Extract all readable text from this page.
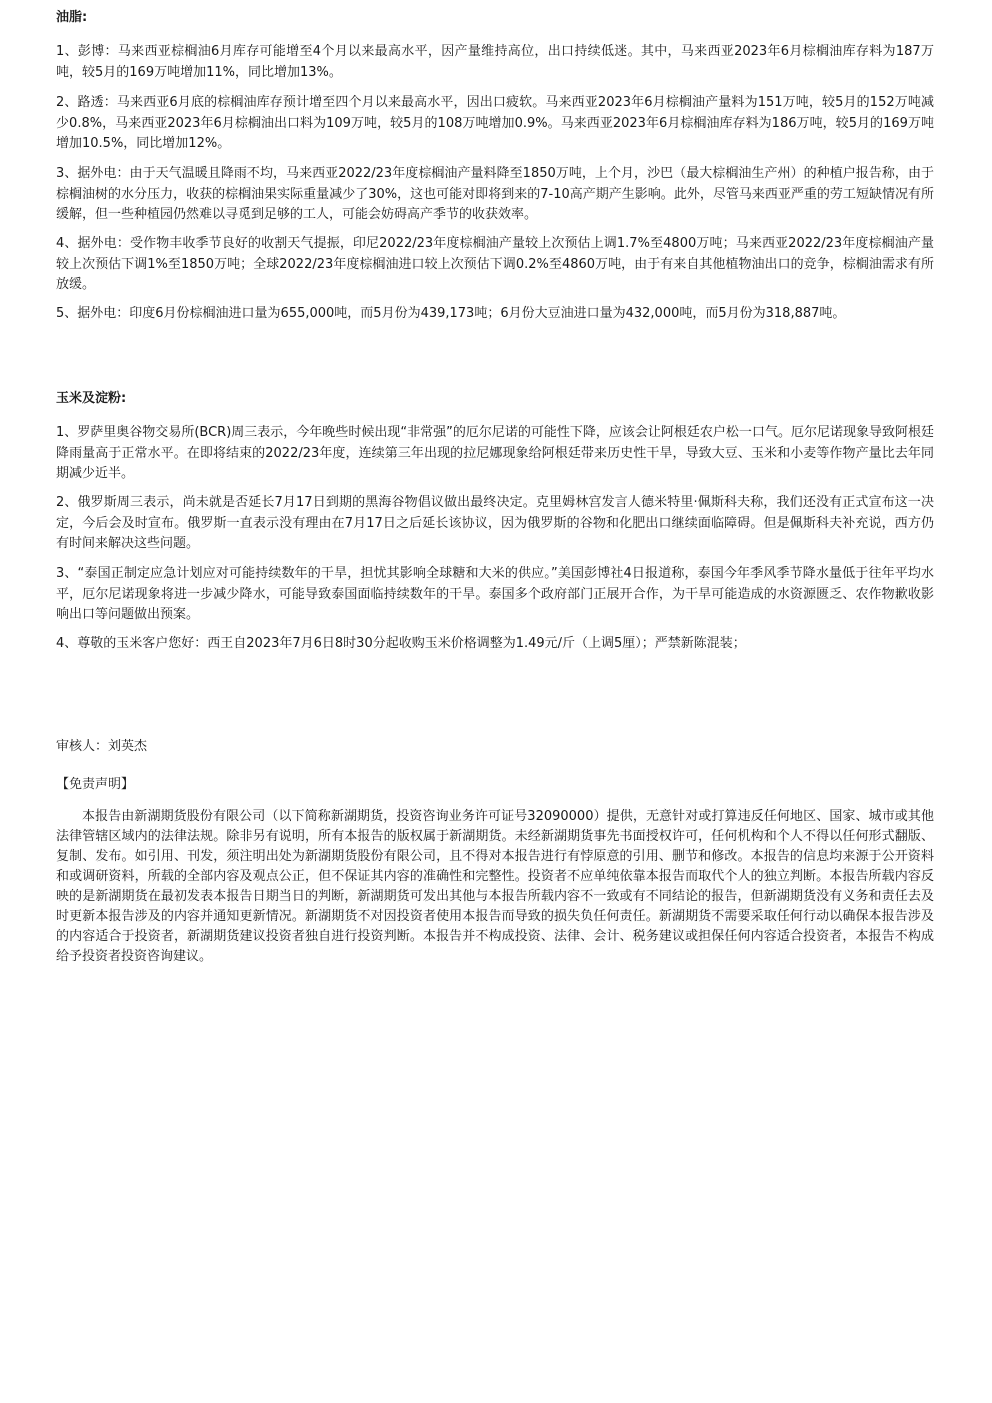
油脂:

1、彭博：马来西亚棕榈油6月库存可能增至4个月以来最高水平，因产量维持高位，出口持续低迷。其中，马来西亚2023年6月棕榈油库存料为187万吨，较5月的169万吨增加11%，同比增加13%。

2、路透：马来西亚6月底的棕榈油库存预计增至四个月以来最高水平，因出口疲软。马来西亚2023年6月棕榈油产量料为151万吨，较5月的152万吨减少0.8%，马来西亚2023年6月棕榈油出口料为109万吨，较5月的108万吨增加0.9%。马来西亚2023年6月棕榈油库存料为186万吨，较5月的169万吨增加10.5%，同比增加12%。

3、据外电：由于天气温暖且降雨不均，马来西亚2022/23年度棕榈油产量料降至1850万吨，上个月，沙巴（最大棕榈油生产州）的种植户报告称，由于棕榈油树的水分压力，收获的棕榈油果实际重量减少了30%，这也可能对即将到来的7-10高产期产生影响。此外，尽管马来西亚严重的劳工短缺情况有所缓解，但一些种植园仍然难以寻觅到足够的工人，可能会妨碍高产季节的收获效率。

4、据外电：受作物丰收季节良好的收割天气提振，印尼2022/23年度棕榈油产量较上次预估上调1.7%至4800万吨；马来西亚2022/23年度棕榈油产量较上次预估下调1%至1850万吨；全球2022/23年度棕榈油进口较上次预估下调0.2%至4860万吨，由于有来自其他植物油出口的竞争，棕榈油需求有所放缓。

5、据外电：印度6月份棕榈油进口量为655,000吨，而5月份为439,173吨；6月份大豆油进口量为432,000吨，而5月份为318,887吨。

玉米及淀粉:

1、罗萨里奥谷物交易所(BCR)周三表示，今年晚些时候出现“非常强”的厄尔尼诺的可能性下降，应该会让阿根廷农户松一口气。厄尔尼诺现象导致阿根廷降雨量高于正常水平。在即将结束的2022/23年度，连续第三年出现的拉尼娜现象给阿根廷带来历史性干旱，导致大豆、玉米和小麦等作物产量比去年同期减少近半。

2、俄罗斯周三表示，尚未就是否延长7月17日到期的黑海谷物倡议做出最终决定。克里姆林宫发言人德米特里·佩斯科夫称，我们还没有正式宣布这一决定，今后会及时宣布。俄罗斯一直表示没有理由在7月17日之后延长该协议，因为俄罗斯的谷物和化肥出口继续面临障碍。但是佩斯科夫补充说，西方仍有时间来解决这些问题。

3、“泰国正制定应急计划应对可能持续数年的干旱，担忧其影响全球糖和大米的供应。”美国彭博社4日报道称，泰国今年季风季节降水量低于往年平均水平，厄尔尼诺现象将进一步减少降水，可能导致泰国面临持续数年的干旱。泰国多个政府部门正展开合作，为干旱可能造成的水资源匮乏、农作物歉收影响出口等问题做出预案。

4、尊敬的玉米客户您好：西王自2023年7月6日8时30分起收购玉米价格调整为1.49元/斤（上调5厘）；严禁新陈混装；

审核人：刘英杰
【免责声明】

本报告由新湖期货股份有限公司（以下简称新湖期货，投资咨询业务许可证号32090000）提供，无意针对或打算违反任何地区、国家、城市或其他法律管辖区域内的法律法规。除非另有说明，所有本报告的版权属于新湖期货。未经新湖期货事先书面授权许可，任何机构和个人不得以任何形式翻版、复制、发布。如引用、刊发，须注明出处为新湖期货股份有限公司，且不得对本报告进行有悖原意的引用、删节和修改。本报告的信息均来源于公开资料和或调研资料，所载的全部内容及观点公正，但不保证其内容的准确性和完整性。投资者不应单纯依靠本报告而取代个人的独立判断。本报告所载内容反映的是新湖期货在最初发表本报告日期当日的判断，新湖期货可发出其他与本报告所载内容不一致或有不同结论的报告，但新湖期货没有义务和责任去及时更新本报告涉及的内容并通知更新情况。新湖期货不对因投资者使用本报告而导致的损失负任何责任。新湖期货不需要采取任何行动以确保本报告涉及的内容适合于投资者，新湖期货建议投资者独自进行投资判断。本报告并不构成投资、法律、会计、税务建议或担保任何内容适合投资者，本报告不构成给予投资者投资咨询建议。
